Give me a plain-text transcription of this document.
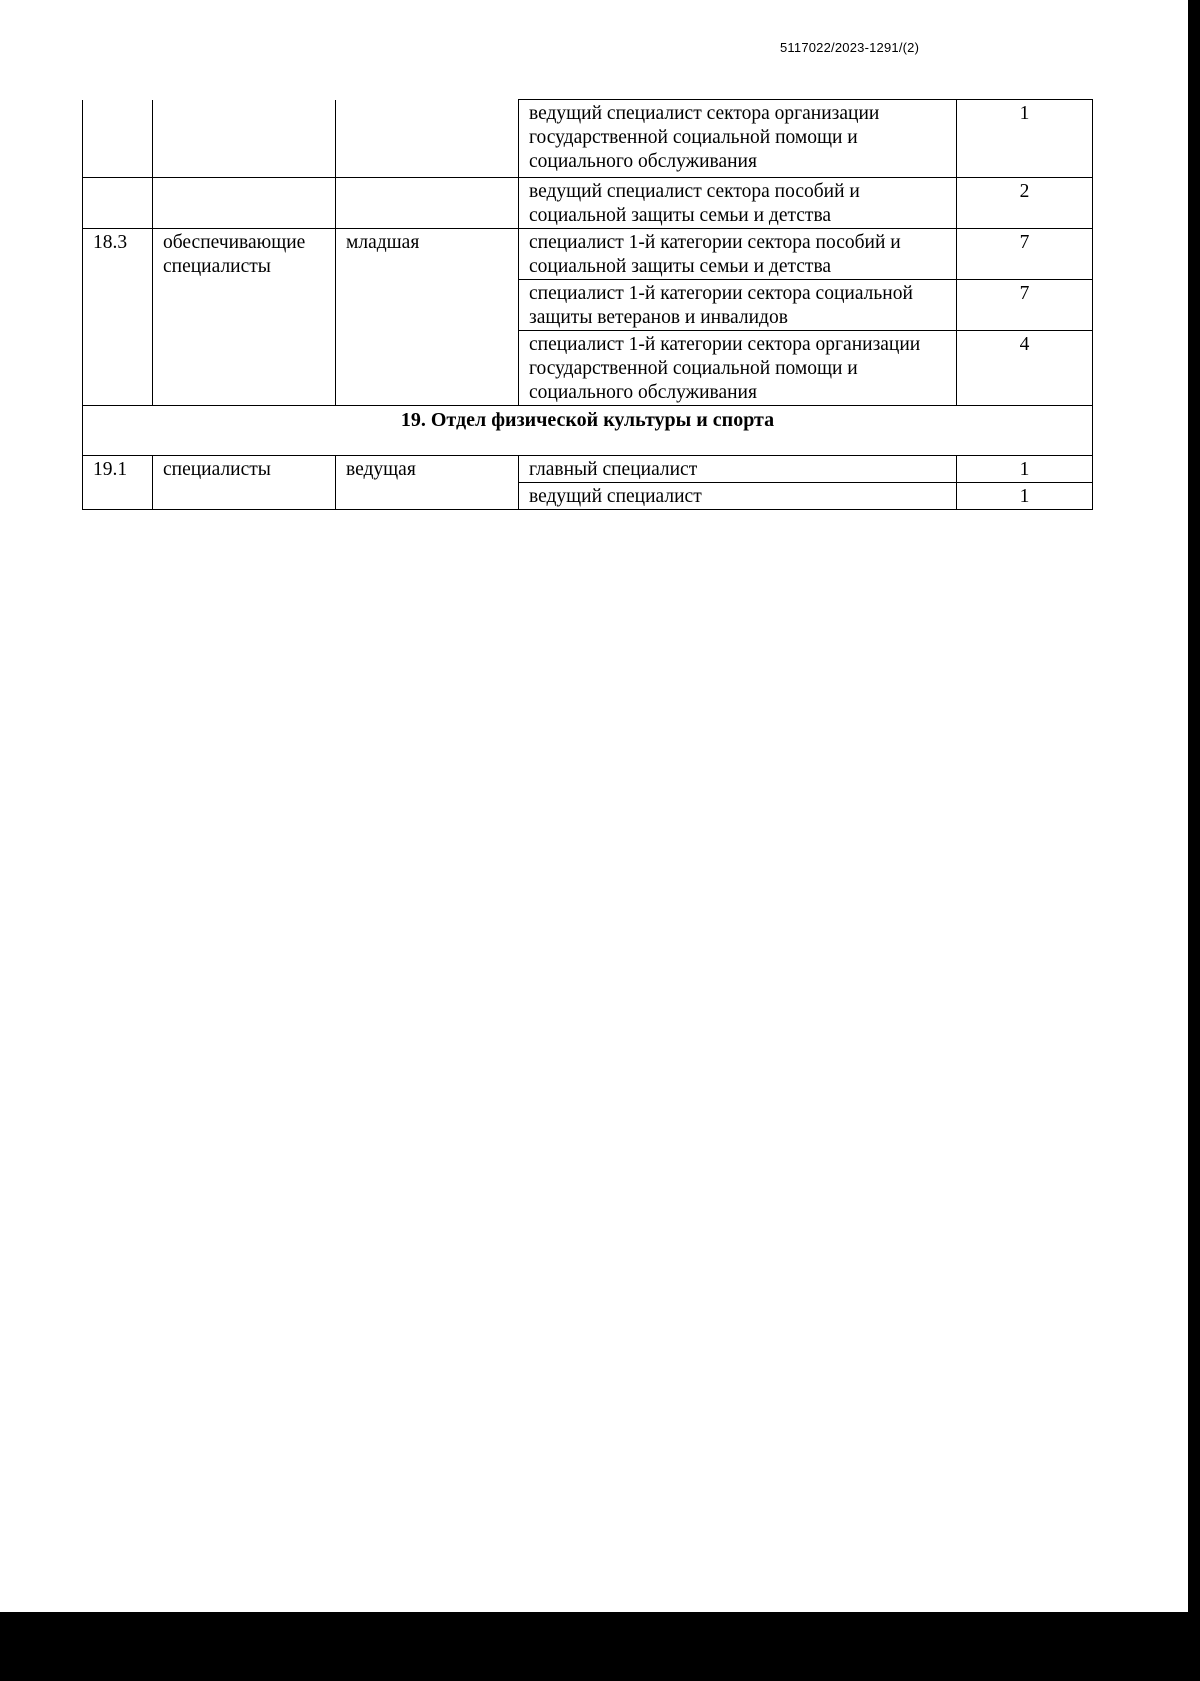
5117022/2023-1291/(2)
			ведущий специалист сектора организации государственной социальной помощи и социального обслуживания	1
			ведущий специалист сектора пособий и социальной защиты семьи и детства	2
18.3	обеспечивающие специалисты	младшая	специалист 1-й категории сектора пособий и социальной защиты семьи и детства	7
			специалист 1-й категории сектора социальной защиты ветеранов и инвалидов	7
			специалист 1-й категории сектора организации государственной социальной помощи и социального обслуживания	4
19. Отдел физической культуры и спорта				
19.1	специалисты	ведущая	главный специалист	1
			ведущий специалист	1
